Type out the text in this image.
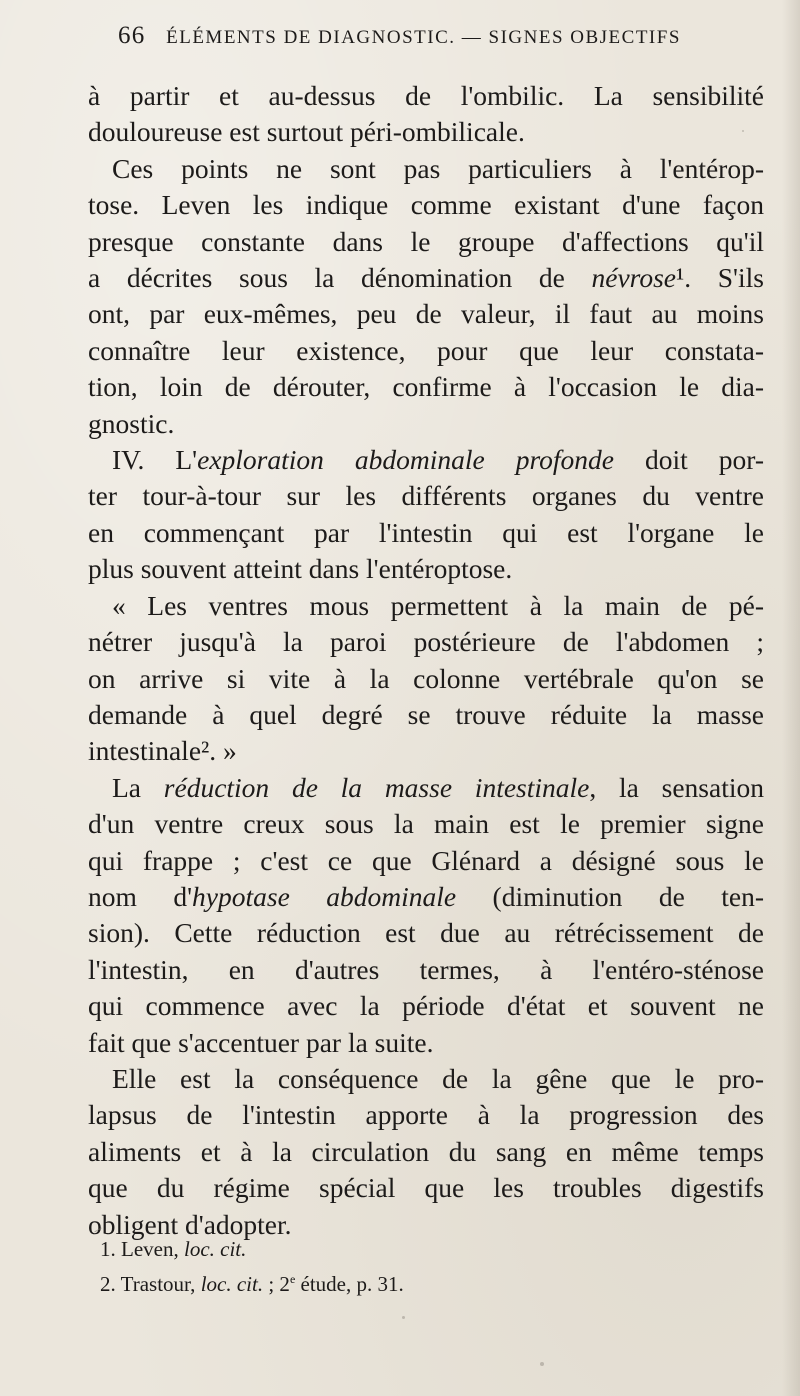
66 ÉLÉMENTS DE DIAGNOSTIC. — SIGNES OBJECTIFS
à partir et au-dessus de l'ombilic. La sensibilité
douloureuse est surtout péri-ombilicale.
Ces points ne sont pas particuliers à l'entérop-
tose. Leven les indique comme existant d'une façon
presque constante dans le groupe d'affections qu'il
a décrites sous la dénomination de névrose¹. S'ils
ont, par eux-mêmes, peu de valeur, il faut au moins
connaître leur existence, pour que leur constata-
tion, loin de dérouter, confirme à l'occasion le dia-
gnostic.
IV. L'exploration abdominale profonde doit por-
ter tour-à-tour sur les différents organes du ventre
en commençant par l'intestin qui est l'organe le
plus souvent atteint dans l'entéroptose.
« Les ventres mous permettent à la main de pé-
nétrer jusqu'à la paroi postérieure de l'abdomen ;
on arrive si vite à la colonne vertébrale qu'on se
demande à quel degré se trouve réduite la masse
intestinale². »
La réduction de la masse intestinale, la sensation
d'un ventre creux sous la main est le premier signe
qui frappe ; c'est ce que Glénard a désigné sous le
nom d'hypotase abdominale (diminution de ten-
sion). Cette réduction est due au rétrécissement de
l'intestin, en d'autres termes, à l'entéro-sténose
qui commence avec la période d'état et souvent ne
fait que s'accentuer par la suite.
Elle est la conséquence de la gêne que le pro-
lapsus de l'intestin apporte à la progression des
aliments et à la circulation du sang en même temps
que du régime spécial que les troubles digestifs
obligent d'adopter.
1. Leven, loc. cit.
2. Trastour, loc. cit. ; 2e étude, p. 31.
